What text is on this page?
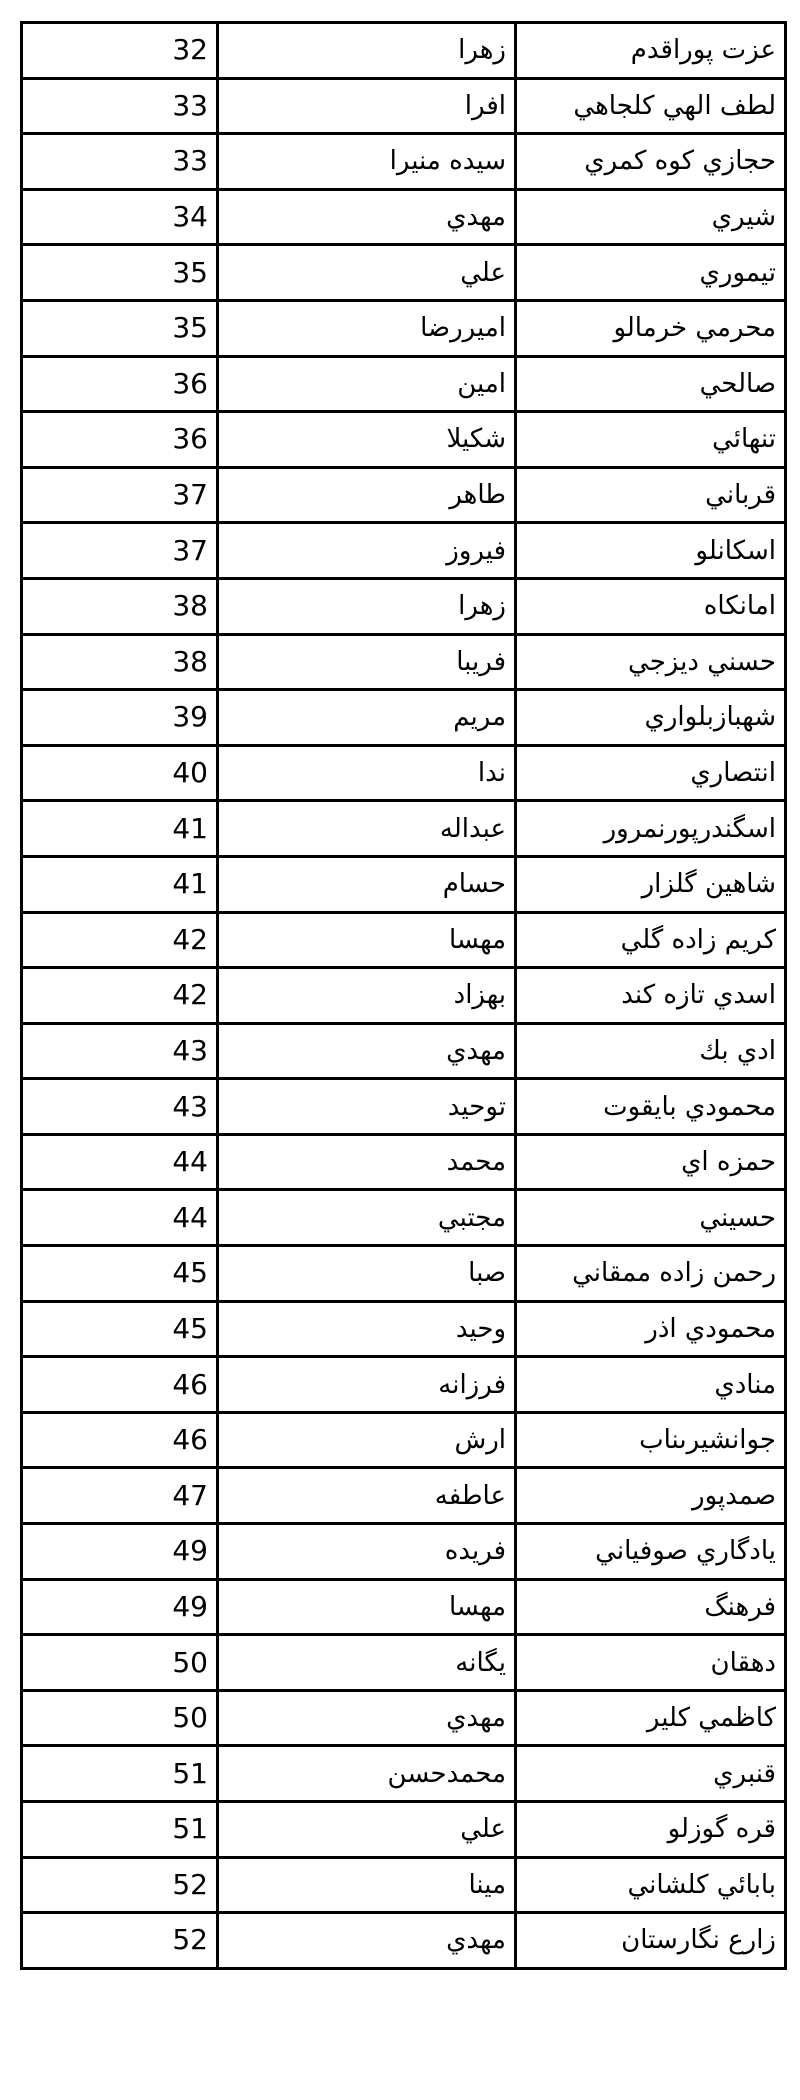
32	زهرا	عزت پوراقدم
33	افرا	لطف الهي كلجاهي
33	سيده منيرا	حجازي كوه كمري
34	مهدي	شيري
35	علي	تيموري
35	اميررضا	محرمي خرمالو
36	امين	صالحي
36	شكيلا	تنهائي
37	طاهر	قرباني
37	فيروز	اسكانلو
38	زهرا	امانكاه
38	فريبا	حسني ديزجي
39	مريم	شهبازبلواري
40	ندا	انتصاري
41	عبداله	اسگندرپورنمرور
41	حسام	شاهين گلزار
42	مهسا	كريم زاده گلي
42	بهزاد	اسدي تازه كند
43	مهدي	ادي بك
43	توحيد	محمودي بايقوت
44	محمد	حمزه اي
44	مجتبي	حسيني
45	صبا	رحمن زاده ممقاني
45	وحيد	محمودي اذر
46	فرزانه	منادي
46	ارش	جوانشيرىناب
47	عاطفه	صمدپور
49	فريده	يادگاري صوفياني
49	مهسا	فرهنگ
50	يگانه	دهقان
50	مهدي	كاظمي كلير
51	محمدحسن	قنبري
51	علي	قره گوزلو
52	مينا	بابائي كلشاني
52	مهدي	زارع نگارستان
